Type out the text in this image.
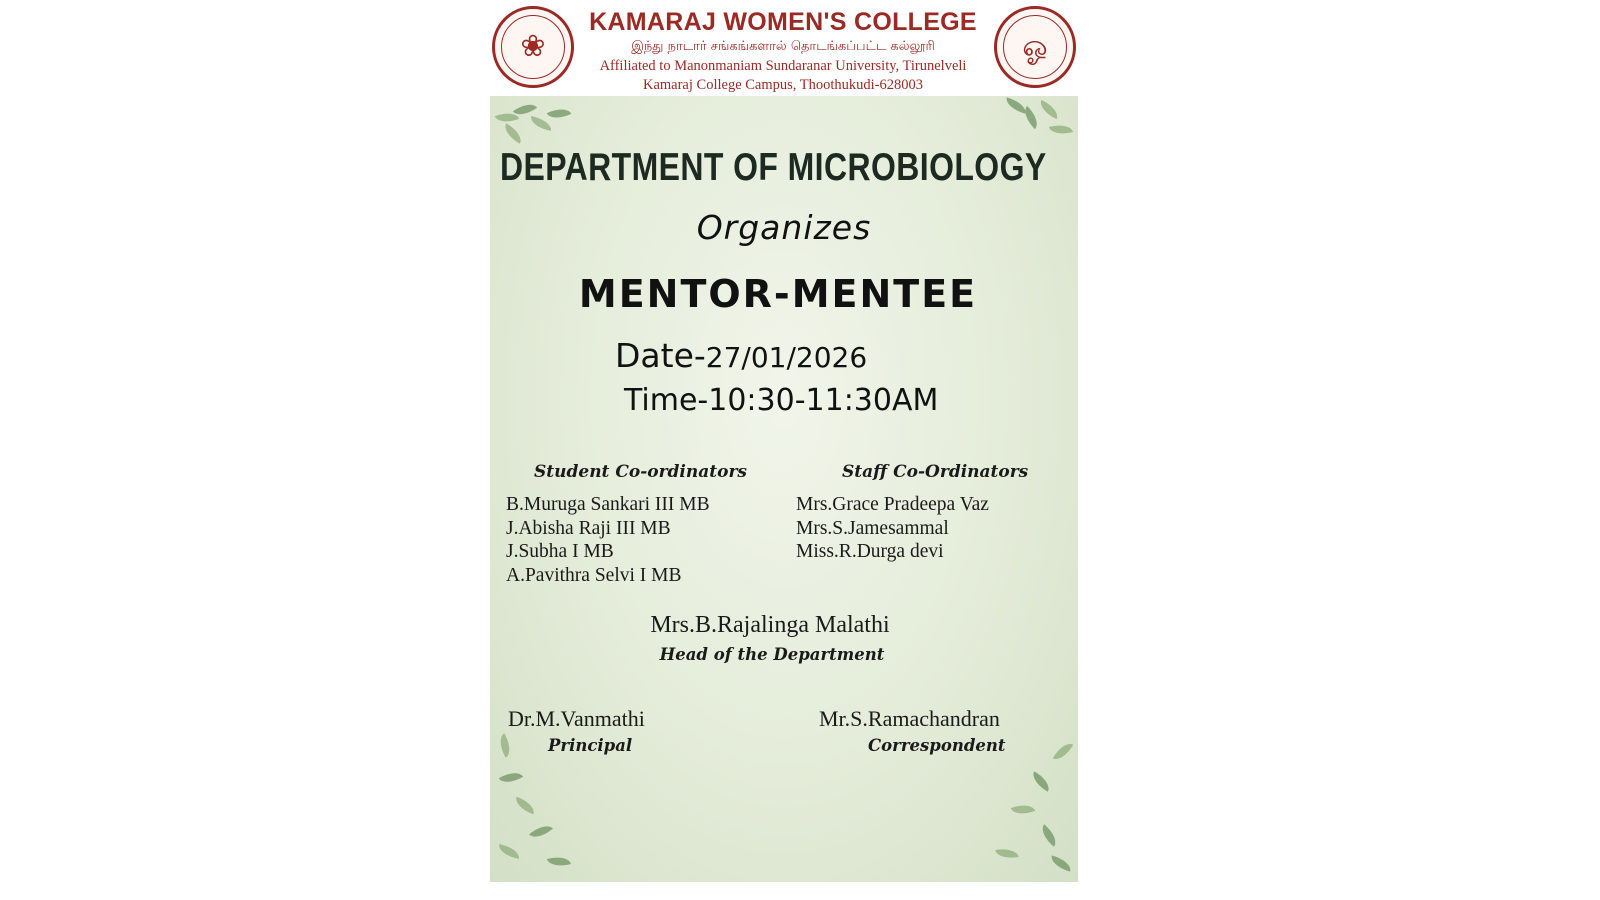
❀
KAMARAJ WOMEN'S COLLEGE
இந்து நாடார் சங்கங்களால் தொடங்கப்பட்ட கல்லூரி
Affiliated to Manonmaniam Sundaranar University, Tirunelveli
Kamaraj College Campus, Thoothukudi-628003
ஓ
DEPARTMENT OF MICROBIOLOGY
Organizes
MENTOR-MENTEE
Date-27/01/2026
Time-10:30-11:30AM
Student Co-ordinators
B.Muruga Sankari III MB
J.Abisha Raji III MB
J.Subha I MB
A.Pavithra Selvi I MB
Staff Co-Ordinators
Mrs.Grace Pradeepa Vaz
Mrs.S.Jamesammal
Miss.R.Durga devi
Mrs.B.Rajalinga Malathi
Head of the Department
Dr.M.Vanmathi
Principal
Mr.S.Ramachandran
Correspondent
